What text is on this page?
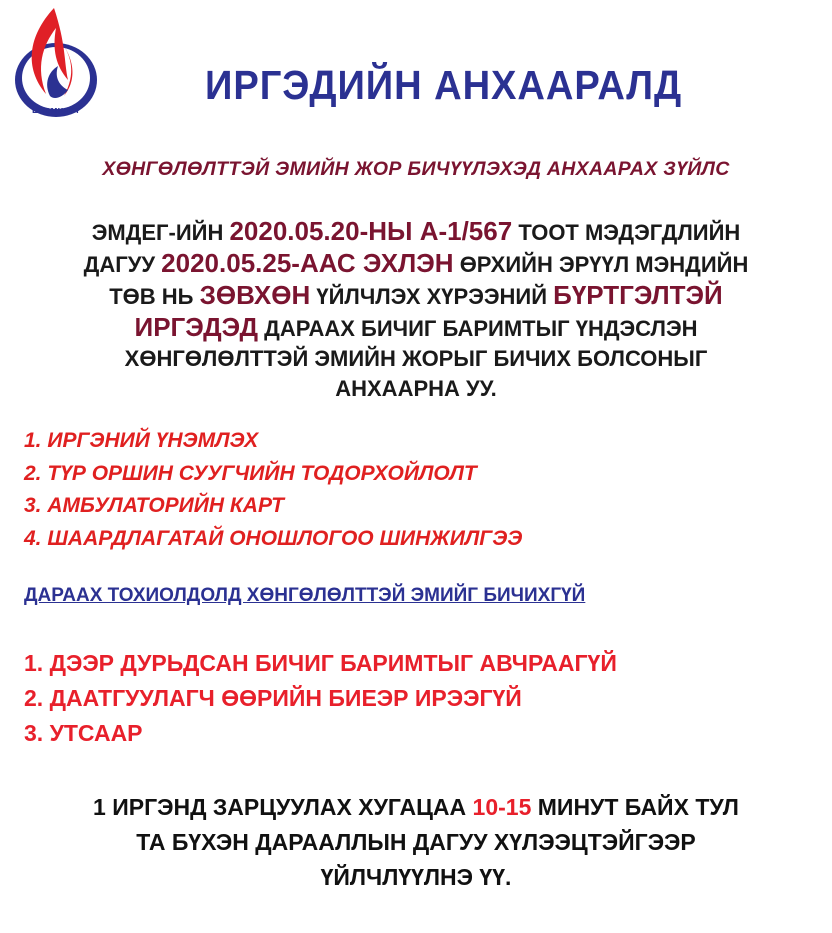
ШТЭМЦЛҮҮ
ИРГЭДИЙН АНХААРАЛД
ХӨНГӨЛӨЛТТЭЙ ЭМИЙН ЖОР БИЧҮҮЛЭХЭД АНХААРАХ ЗҮЙЛС
ЭМДЕГ-ИЙН 2020.05.20-НЫ А-1/567 ТООТ МЭДЭГДЛИЙН
ДАГУУ 2020.05.25-ААС ЭХЛЭН ӨРХИЙН ЭРҮҮЛ МЭНДИЙН
ТӨВ НЬ ЗӨВХӨН ҮЙЛЧЛЭХ ХҮРЭЭНИЙ БҮРТГЭЛТЭЙ
ИРГЭДЭД ДАРААХ БИЧИГ БАРИМТЫГ ҮНДЭСЛЭН
ХӨНГӨЛӨЛТТЭЙ ЭМИЙН ЖОРЫГ БИЧИХ БОЛСОНЫГ
АНХААРНА УУ.
1. ИРГЭНИЙ ҮНЭМЛЭХ
2. ТҮР ОРШИН СУУГЧИЙН ТОДОРХОЙЛОЛТ
3. АМБУЛАТОРИЙН КАРТ
4. ШААРДЛАГАТАЙ ОНОШЛОГОО ШИНЖИЛГЭЭ
ДАРААХ ТОХИОЛДОЛД ХӨНГӨЛӨЛТТЭЙ ЭМИЙГ БИЧИХГҮЙ
1. ДЭЭР ДУРЬДСАН БИЧИГ БАРИМТЫГ АВЧРААГҮЙ
2. ДААТГУУЛАГЧ ӨӨРИЙН БИЕЭР ИРЭЭГҮЙ
3. УТСААР
1 ИРГЭНД ЗАРЦУУЛАХ ХУГАЦАА 10-15 МИНУТ БАЙХ ТУЛ
ТА БҮХЭН ДАРААЛЛЫН ДАГУУ ХҮЛЭЭЦТЭЙГЭЭР
ҮЙЛЧЛҮҮЛНЭ ҮҮ.
